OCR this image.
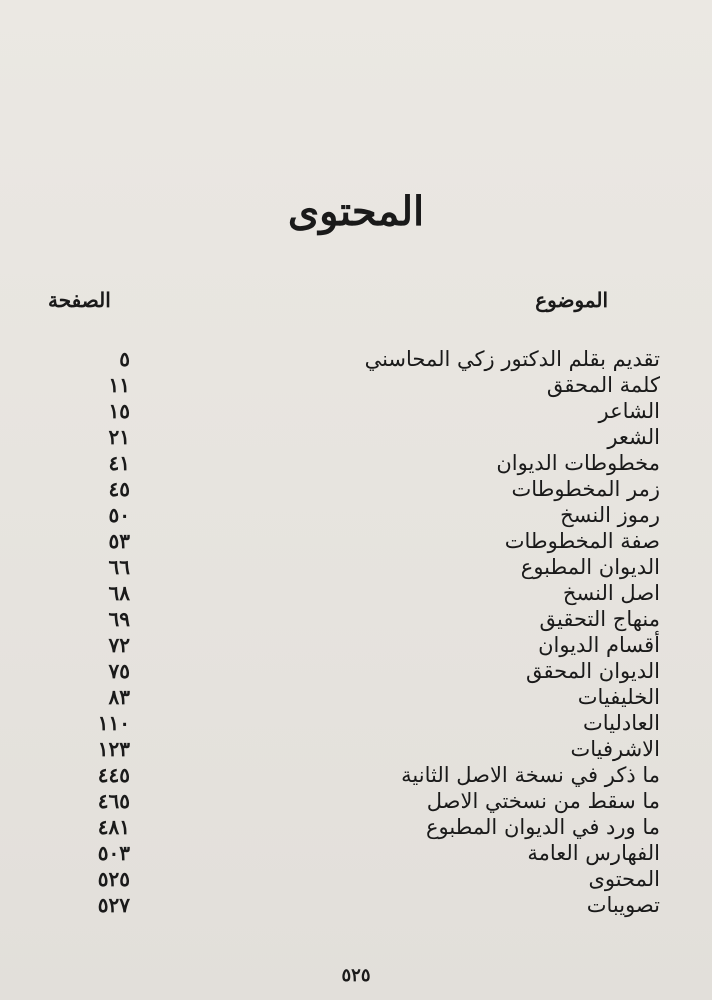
المحتوى
الموضوع
الصفحة
تقديم بقلم الدكتور زكي المحاسني
٥
كلمة المحقق
١١
الشاعر
١٥
الشعر
٢١
مخطوطات الديوان
٤١
زمر المخطوطات
٤٥
رموز النسخ
٥٠
صفة المخطوطات
٥٣
الديوان المطبوع
٦٦
اصل النسخ
٦٨
منهاج التحقيق
٦٩
أقسام الديوان
٧٢
الديوان المحقق
٧٥
الخليفيات
٨٣
العادليات
١١٠
الاشرفيات
١٢٣
ما ذكر في نسخة الاصل الثانية
٤٤٥
ما سقط من نسختي الاصل
٤٦٥
ما ورد في الديوان المطبوع
٤٨١
الفهارس العامة
٥٠٣
المحتوى
٥٢٥
تصويبات
٥٢٧
٥٢٥
